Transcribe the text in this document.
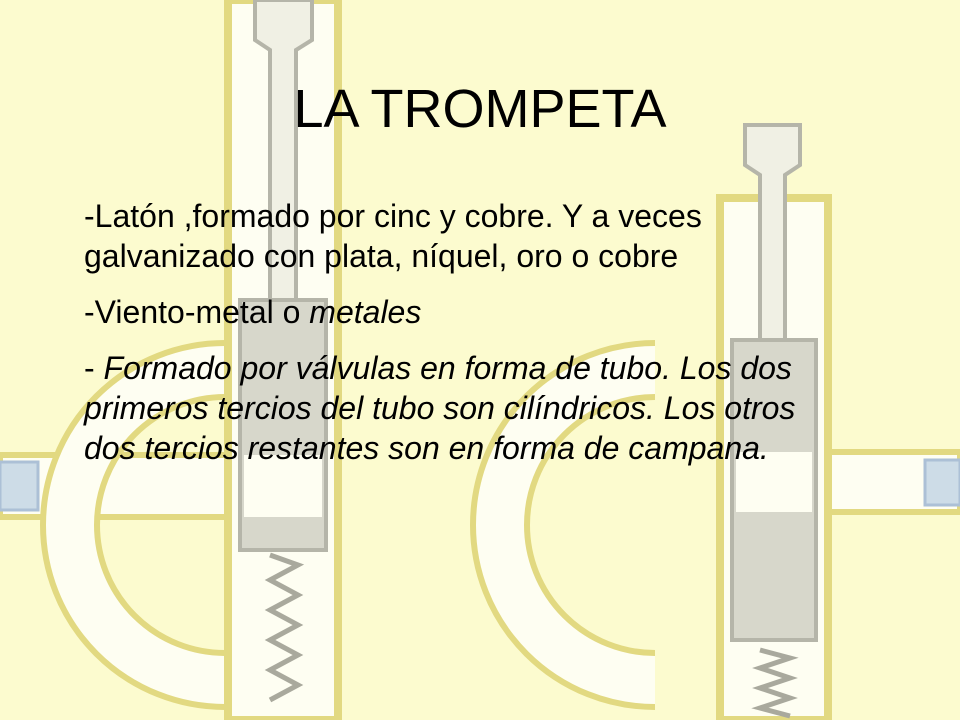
LA TROMPETA

-Latón ,formado por cinc y cobre. Y a veces galvanizado con plata, níquel, oro o cobre

-Viento-metal o metales

- Formado por válvulas en forma de tubo. Los dos primeros tercios del tubo son cilíndricos. Los otros dos tercios restantes son en forma de campana.
